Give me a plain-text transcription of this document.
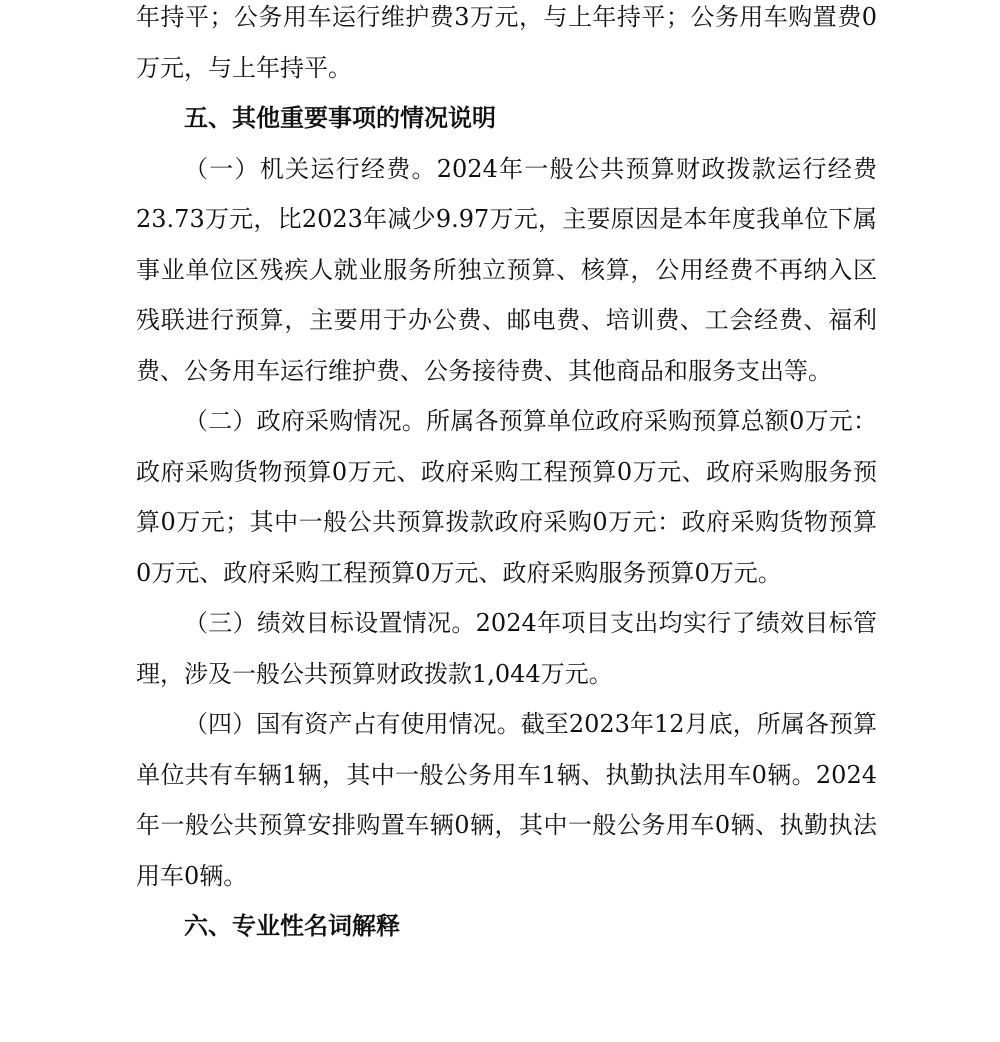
年持平；公务用车运行维护费3万元，与上年持平；公务用车购置费0万元，与上年持平。

五、其他重要事项的情况说明

（一）机关运行经费。2024年一般公共预算财政拨款运行经费23.73万元，比2023年减少9.97万元，主要原因是本年度我单位下属事业单位区残疾人就业服务所独立预算、核算，公用经费不再纳入区残联进行预算，主要用于办公费、邮电费、培训费、工会经费、福利费、公务用车运行维护费、公务接待费、其他商品和服务支出等。

（二）政府采购情况。所属各预算单位政府采购预算总额0万元：政府采购货物预算0万元、政府采购工程预算0万元、政府采购服务预算0万元；其中一般公共预算拨款政府采购0万元：政府采购货物预算0万元、政府采购工程预算0万元、政府采购服务预算0万元。

（三）绩效目标设置情况。2024年项目支出均实行了绩效目标管理，涉及一般公共预算财政拨款1,044万元。

（四）国有资产占有使用情况。截至2023年12月底，所属各预算单位共有车辆1辆，其中一般公务用车1辆、执勤执法用车0辆。2024年一般公共预算安排购置车辆0辆，其中一般公务用车0辆、执勤执法用车0辆。

六、专业性名词解释
